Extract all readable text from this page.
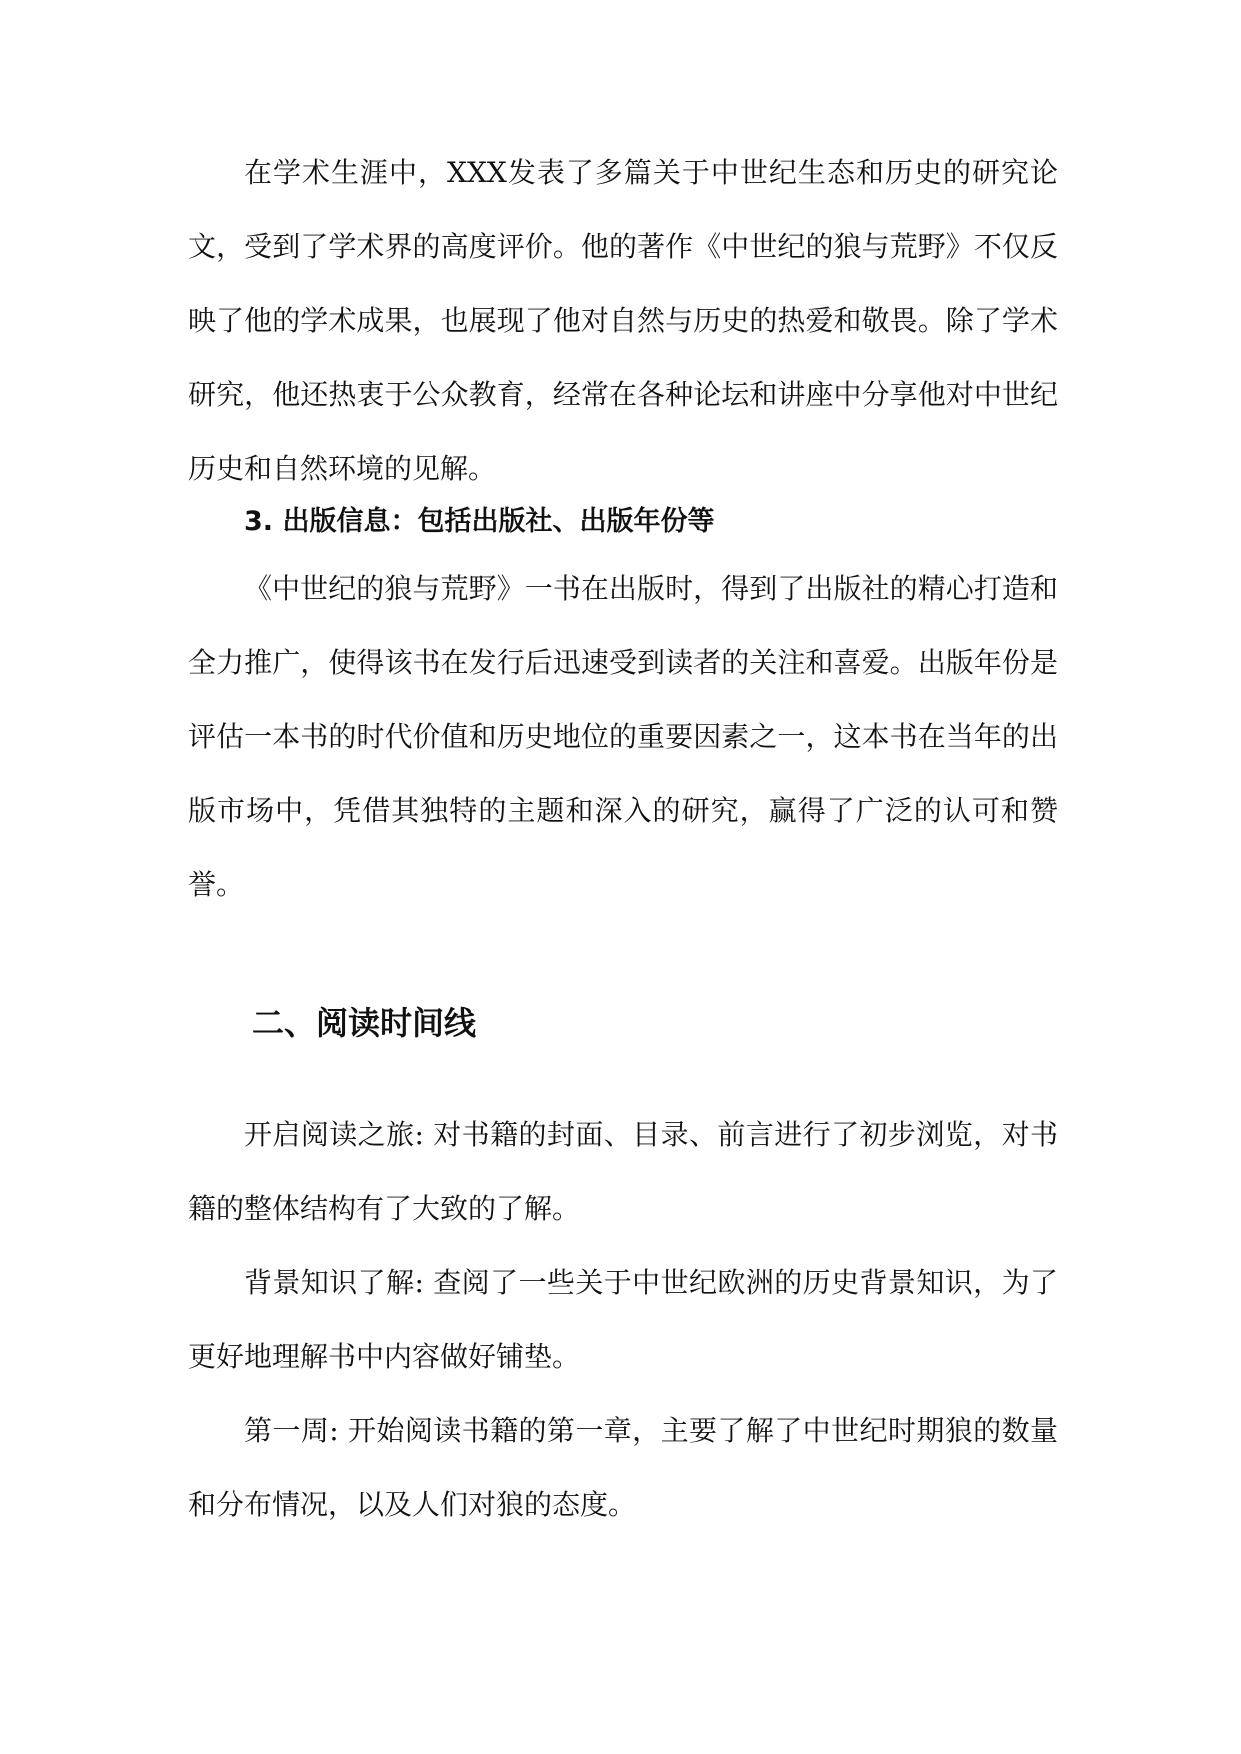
在学术生涯中，XXX发表了多篇关于中世纪生态和历史的研究论文，受到了学术界的高度评价。他的著作《中世纪的狼与荒野》不仅反映了他的学术成果，也展现了他对自然与历史的热爱和敬畏。除了学术研究，他还热衷于公众教育，经常在各种论坛和讲座中分享他对中世纪历史和自然环境的见解。

3. 出版信息：包括出版社、出版年份等

《中世纪的狼与荒野》一书在出版时，得到了出版社的精心打造和全力推广，使得该书在发行后迅速受到读者的关注和喜爱。出版年份是评估一本书的时代价值和历史地位的重要因素之一，这本书在当年的出版市场中，凭借其独特的主题和深入的研究，赢得了广泛的认可和赞誉。

二、阅读时间线

开启阅读之旅: 对书籍的封面、目录、前言进行了初步浏览，对书籍的整体结构有了大致的了解。

背景知识了解: 查阅了一些关于中世纪欧洲的历史背景知识，为了更好地理解书中内容做好铺垫。

第一周: 开始阅读书籍的第一章，主要了解了中世纪时期狼的数量和分布情况，以及人们对狼的态度。
